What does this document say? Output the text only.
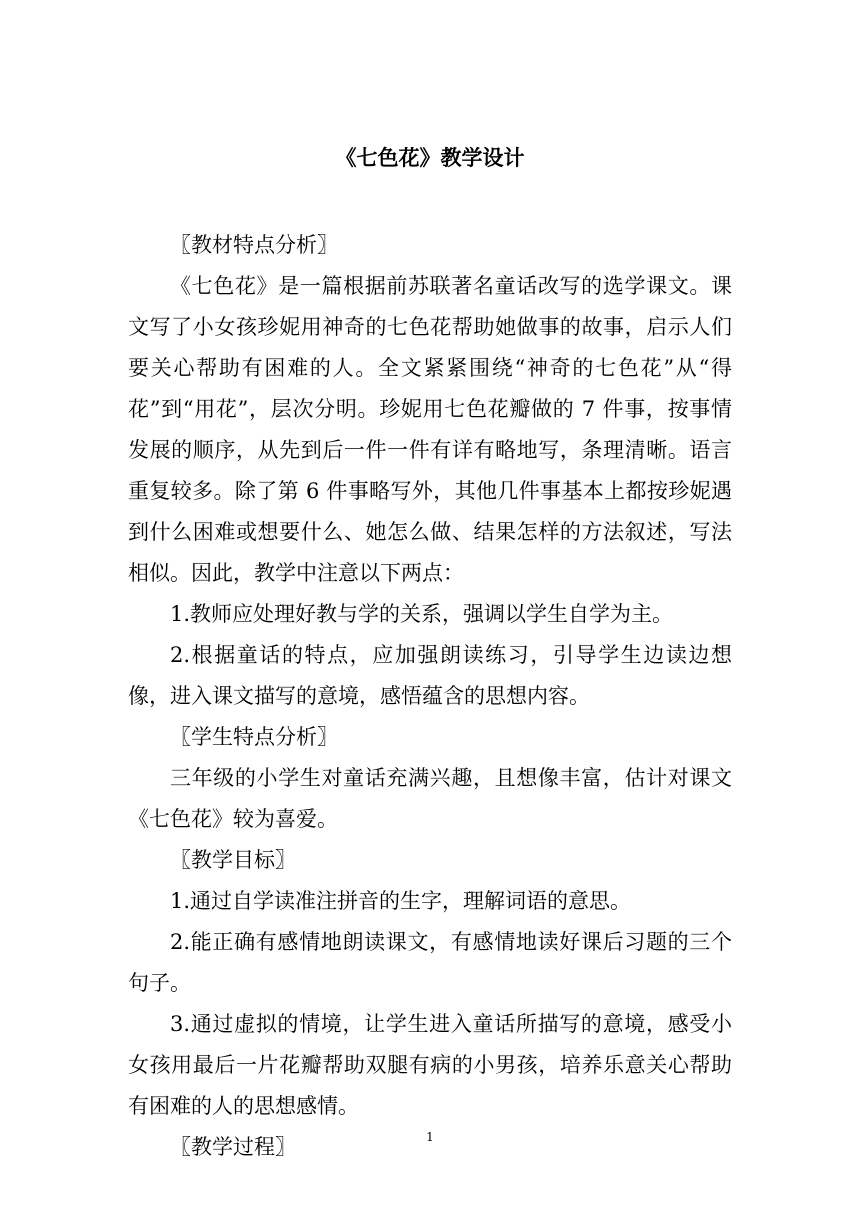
《七色花》教学设计

〖教材特点分析〗

《七色花》是一篇根据前苏联著名童话改写的选学课文。课文写了小女孩珍妮用神奇的七色花帮助她做事的故事，启示人们要关心帮助有困难的人。全文紧紧围绕“神奇的七色花”从“得花”到“用花”，层次分明。珍妮用七色花瓣做的 7 件事，按事情发展的顺序，从先到后一件一件有详有略地写，条理清晰。语言重复较多。除了第 6 件事略写外，其他几件事基本上都按珍妮遇到什么困难或想要什么、她怎么做、结果怎样的方法叙述，写法相似。因此，教学中注意以下两点：

1.教师应处理好教与学的关系，强调以学生自学为主。

2.根据童话的特点，应加强朗读练习，引导学生边读边想像，进入课文描写的意境，感悟蕴含的思想内容。

〖学生特点分析〗

三年级的小学生对童话充满兴趣，且想像丰富，估计对课文《七色花》较为喜爱。

〖教学目标〗

1.通过自学读准注拼音的生字，理解词语的意思。

2.能正确有感情地朗读课文，有感情地读好课后习题的三个句子。

3.通过虚拟的情境，让学生进入童话所描写的意境，感受小女孩用最后一片花瓣帮助双腿有病的小男孩，培养乐意关心帮助有困难的人的思想感情。

〖教学过程〗	1
